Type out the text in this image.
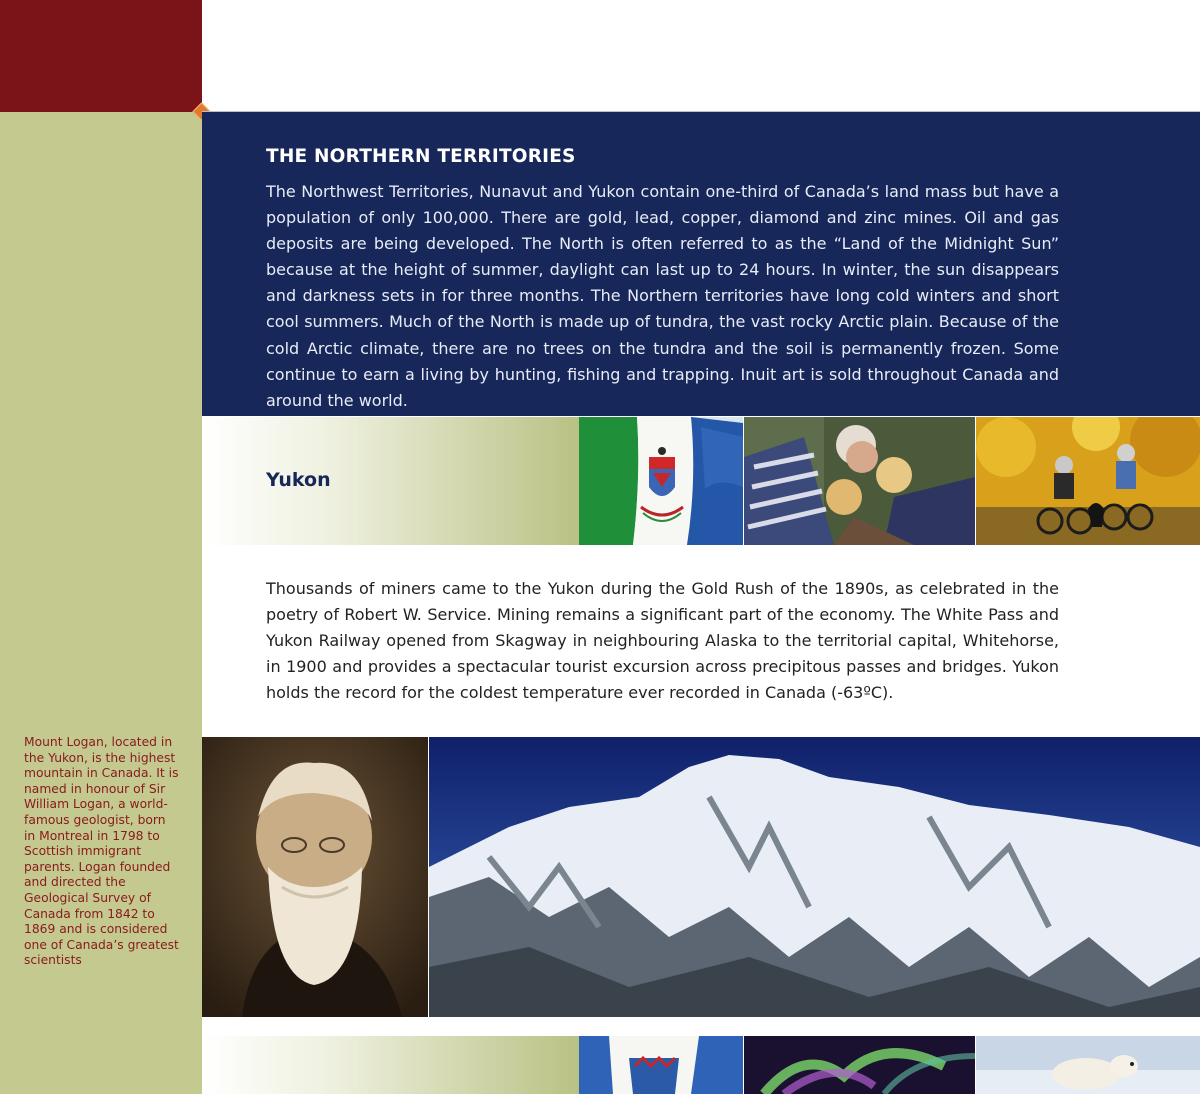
Mount Logan, located in the Yukon, is the highest mountain in Canada. It is named in honour of Sir William Logan, a world-famous geologist, born in Montreal in 1798 to Scottish immigrant parents. Logan founded and directed the Geological Survey of Canada from 1842 to 1869 and is considered one of Canada’s greatest scientists

THE NORTHERN TERRITORIES

The Northwest Territories, Nunavut and Yukon contain one-third of Canada’s land mass but have a population of only 100,000. There are gold, lead, copper, diamond and zinc mines. Oil and gas deposits are being developed. The North is often referred to as the “Land of the Midnight Sun” because at the height of summer, daylight can last up to 24 hours. In winter, the sun disappears and darkness sets in for three months. The Northern territories have long cold winters and short cool summers. Much of the North is made up of tundra, the vast rocky Arctic plain. Because of the cold Arctic climate, there are no trees on the tundra and the soil is permanently frozen. Some continue to earn a living by hunting, fishing and trapping. Inuit art is sold throughout Canada and around the world.

Yukon

Thousands of miners came to the Yukon during the Gold Rush of the 1890s, as celebrated in the poetry of Robert W. Service. Mining remains a significant part of the economy. The White Pass and Yukon Railway opened from Skagway in neighbouring Alaska to the territorial capital, Whitehorse, in 1900 and provides a spectacular tourist excursion across precipitous passes and bridges. Yukon holds the record for the coldest temperature ever recorded in Canada (-63ºC).
